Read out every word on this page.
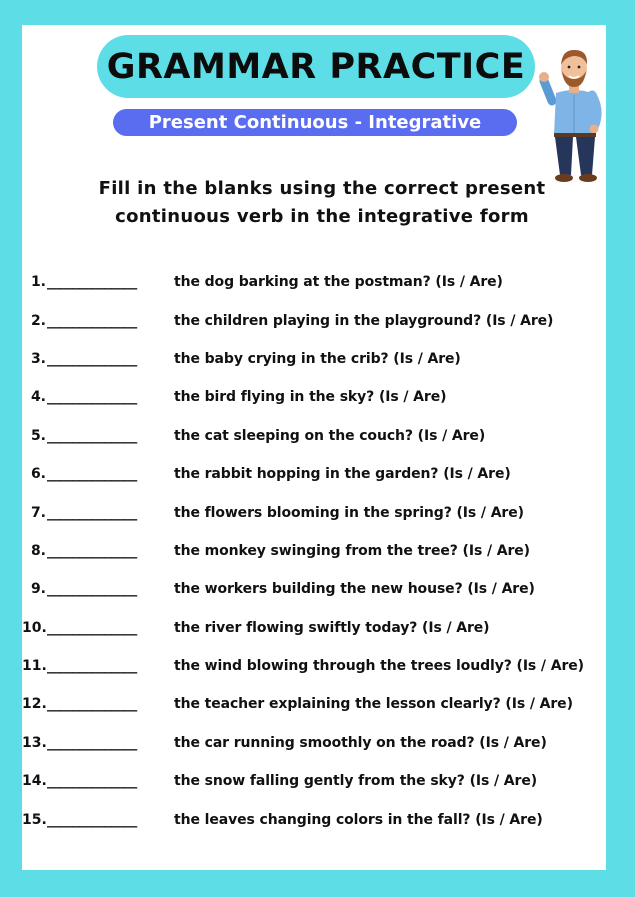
GRAMMAR PRACTICE
Present Continuous - Integrative
Fill in the blanks using the correct present
continuous verb in the integrative form
1. ______________	the dog barking at the postman? (Is / Are)
2. ______________	the children playing in the playground? (Is / Are)
3. ______________	the baby crying in the crib? (Is / Are)
4. ______________	the bird flying in the sky? (Is / Are)
5. ______________	the cat sleeping on the couch? (Is / Are)
6. ______________	the rabbit hopping in the garden? (Is / Are)
7. ______________	the flowers blooming in the spring? (Is / Are)
8. ______________	the monkey swinging from the tree? (Is / Are)
9. ______________	the workers building the new house? (Is / Are)
10. ______________	the river flowing swiftly today? (Is / Are)
11. ______________	the wind blowing through the trees loudly? (Is / Are)
12. ______________	the teacher explaining the lesson clearly? (Is / Are)
13. ______________	the car running smoothly on the road? (Is / Are)
14. ______________	the snow falling gently from the sky? (Is / Are)
15. ______________	the leaves changing colors in the fall? (Is / Are)
